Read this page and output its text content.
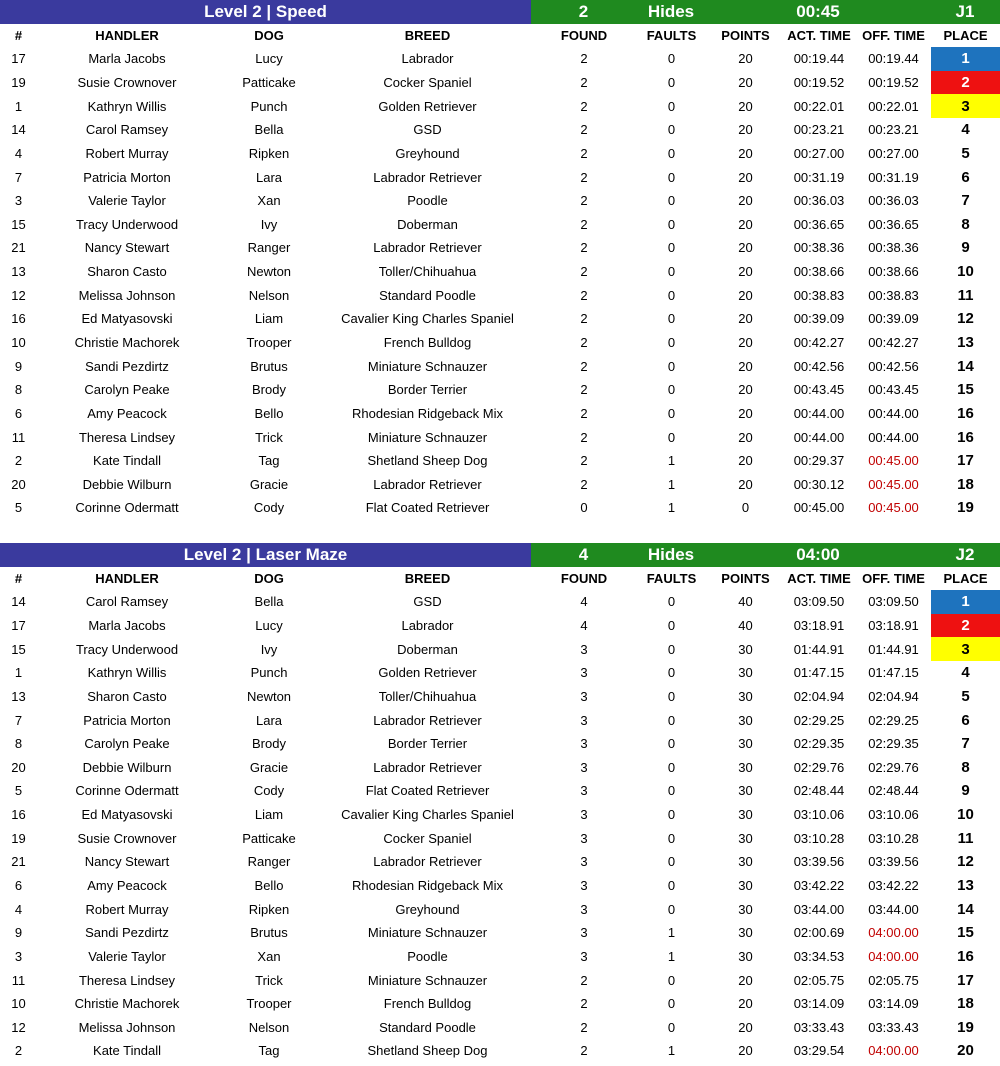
Level 2 | Speed	2	Hides	00:45	J1
#	HANDLER	DOG	BREED	FOUND	FAULTS	POINTS	ACT. TIME	OFF. TIME	PLACE
17	Marla Jacobs	Lucy	Labrador	2	0	20	00:19.44	00:19.44	1
19	Susie Crownover	Patticake	Cocker Spaniel	2	0	20	00:19.52	00:19.52	2
1	Kathryn Willis	Punch	Golden Retriever	2	0	20	00:22.01	00:22.01	3
14	Carol Ramsey	Bella	GSD	2	0	20	00:23.21	00:23.21	4
4	Robert Murray	Ripken	Greyhound	2	0	20	00:27.00	00:27.00	5
7	Patricia Morton	Lara	Labrador Retriever	2	0	20	00:31.19	00:31.19	6
3	Valerie Taylor	Xan	Poodle	2	0	20	00:36.03	00:36.03	7
15	Tracy Underwood	Ivy	Doberman	2	0	20	00:36.65	00:36.65	8
21	Nancy Stewart	Ranger	Labrador Retriever	2	0	20	00:38.36	00:38.36	9
13	Sharon Casto	Newton	Toller/Chihuahua	2	0	20	00:38.66	00:38.66	10
12	Melissa Johnson	Nelson	Standard Poodle	2	0	20	00:38.83	00:38.83	11
16	Ed Matyasovski	Liam	Cavalier King Charles Spaniel	2	0	20	00:39.09	00:39.09	12
10	Christie Machorek	Trooper	French Bulldog	2	0	20	00:42.27	00:42.27	13
9	Sandi Pezdirtz	Brutus	Miniature Schnauzer	2	0	20	00:42.56	00:42.56	14
8	Carolyn Peake	Brody	Border Terrier	2	0	20	00:43.45	00:43.45	15
6	Amy Peacock	Bello	Rhodesian Ridgeback Mix	2	0	20	00:44.00	00:44.00	16
11	Theresa Lindsey	Trick	Miniature Schnauzer	2	0	20	00:44.00	00:44.00	16
2	Kate Tindall	Tag	Shetland Sheep Dog	2	1	20	00:29.37	00:45.00	17
20	Debbie Wilburn	Gracie	Labrador Retriever	2	1	20	00:30.12	00:45.00	18
5	Corinne Odermatt	Cody	Flat Coated Retriever	0	1	0	00:45.00	00:45.00	19
Level 2 | Laser Maze	4	Hides	04:00	J2
#	HANDLER	DOG	BREED	FOUND	FAULTS	POINTS	ACT. TIME	OFF. TIME	PLACE
14	Carol Ramsey	Bella	GSD	4	0	40	03:09.50	03:09.50	1
17	Marla Jacobs	Lucy	Labrador	4	0	40	03:18.91	03:18.91	2
15	Tracy Underwood	Ivy	Doberman	3	0	30	01:44.91	01:44.91	3
1	Kathryn Willis	Punch	Golden Retriever	3	0	30	01:47.15	01:47.15	4
13	Sharon Casto	Newton	Toller/Chihuahua	3	0	30	02:04.94	02:04.94	5
7	Patricia Morton	Lara	Labrador Retriever	3	0	30	02:29.25	02:29.25	6
8	Carolyn Peake	Brody	Border Terrier	3	0	30	02:29.35	02:29.35	7
20	Debbie Wilburn	Gracie	Labrador Retriever	3	0	30	02:29.76	02:29.76	8
5	Corinne Odermatt	Cody	Flat Coated Retriever	3	0	30	02:48.44	02:48.44	9
16	Ed Matyasovski	Liam	Cavalier King Charles Spaniel	3	0	30	03:10.06	03:10.06	10
19	Susie Crownover	Patticake	Cocker Spaniel	3	0	30	03:10.28	03:10.28	11
21	Nancy Stewart	Ranger	Labrador Retriever	3	0	30	03:39.56	03:39.56	12
6	Amy Peacock	Bello	Rhodesian Ridgeback Mix	3	0	30	03:42.22	03:42.22	13
4	Robert Murray	Ripken	Greyhound	3	0	30	03:44.00	03:44.00	14
9	Sandi Pezdirtz	Brutus	Miniature Schnauzer	3	1	30	02:00.69	04:00.00	15
3	Valerie Taylor	Xan	Poodle	3	1	30	03:34.53	04:00.00	16
11	Theresa Lindsey	Trick	Miniature Schnauzer	2	0	20	02:05.75	02:05.75	17
10	Christie Machorek	Trooper	French Bulldog	2	0	20	03:14.09	03:14.09	18
12	Melissa Johnson	Nelson	Standard Poodle	2	0	20	03:33.43	03:33.43	19
2	Kate Tindall	Tag	Shetland Sheep Dog	2	1	20	03:29.54	04:00.00	20
